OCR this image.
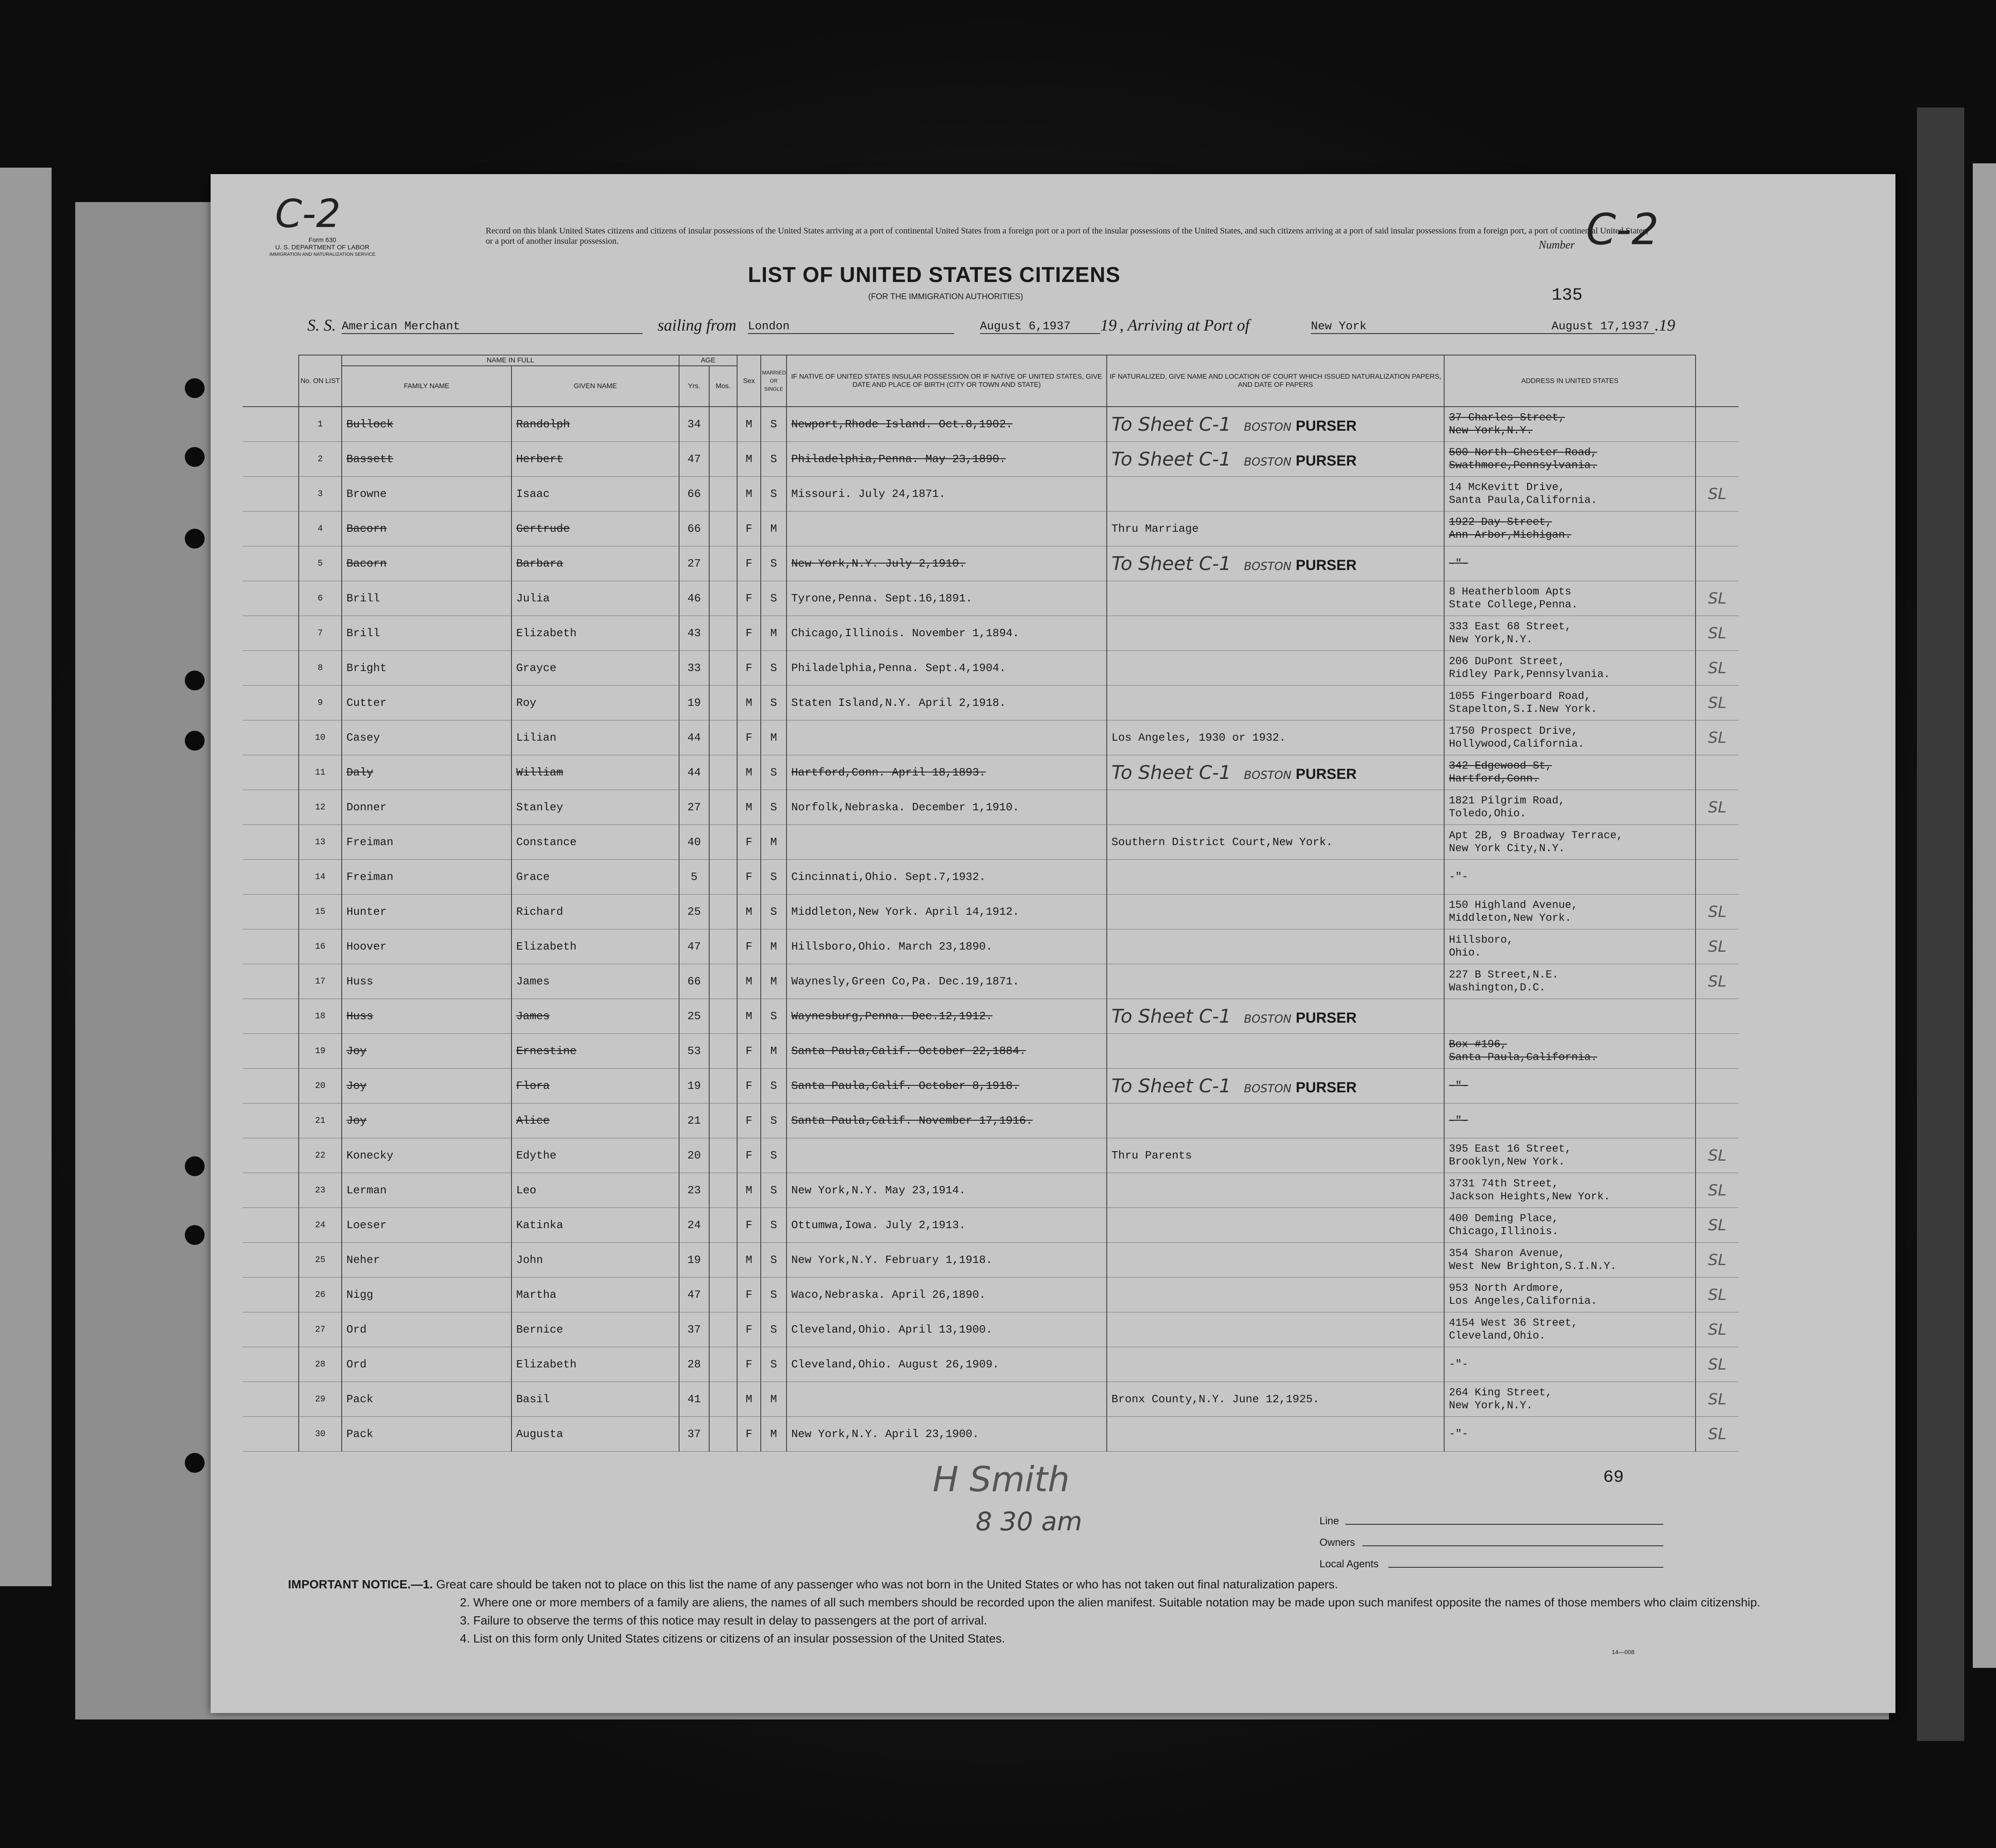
C-2
Form 630
U. S. DEPARTMENT OF LABOR
IMMIGRATION AND NATURALIZATION SERVICE
Record on this blank United States citizens and citizens of insular possessions of the United States arriving at a port of continental United States from a foreign port or a port of the insular possessions of the United States, and such citizens arriving at a port of said insular possessions from a foreign port, a port of continental United States, or a port of another insular possession.	Number C-2
LIST OF UNITED STATES CITIZENS
(FOR THE IMMIGRATION AUTHORITIES)	135
S. S. American Merchant	sailing from London	August 6,1937	19 , Arriving at Port of	New York	August 17,1937 .19
	No. ON LIST	NAME IN FULL		AGE		Sex	MARRIED OR SINGLE	IF NATIVE OF UNITED STATES INSULAR POSSESSION OR IF NATIVE OF UNITED STATES, GIVE DATE AND PLACE OF BIRTH (CITY OR TOWN AND STATE)	IF NATURALIZED, GIVE NAME AND LOCATION OF COURT WHICH ISSUED NATURALIZATION PAPERS, AND DATE OF PAPERS	ADDRESS IN UNITED STATES	
		FAMILY NAME	GIVEN NAME	Yrs.	Mos.						
	1	Bullock	Randolph	34		M	S	Newport,Rhode Island. Oct.8,1902.	To Sheet C-1 BOSTON PURSER	37 Charles Street,
New York,N.Y.	

	2	Bassett	Herbert	47		M	S	Philadelphia,Penna. May 23,1890.	To Sheet C-1 BOSTON PURSER	500 North Chester Road,
Swathmore,Pennsylvania.	

	3	Browne	Isaac	66		M	S	Missouri. July 24,1871.		14 McKevitt Drive,
Santa Paula,California.	SL
	4	Bacorn	Gertrude	66		F	M		Thru Marriage	1922 Day Street,
Ann Arbor,Michigan.	

	5	Bacorn	Barbara	27		F	S	New York,N.Y. July 2,1910.	To Sheet C-1 BOSTON PURSER	-"-	

	6	Brill	Julia	46		F	S	Tyrone,Penna. Sept.16,1891.		8 Heatherbloom Apts
State College,Penna.	SL
	7	Brill	Elizabeth	43		F	M	Chicago,Illinois. November 1,1894.		333 East 68 Street,
New York,N.Y.	SL
	8	Bright	Grayce	33		F	S	Philadelphia,Penna. Sept.4,1904.		206 DuPont Street,
Ridley Park,Pennsylvania.	SL
	9	Cutter	Roy	19		M	S	Staten Island,N.Y. April 2,1918.		1055 Fingerboard Road,
Stapelton,S.I.New York.	SL
	10	Casey	Lilian	44		F	M		Los Angeles, 1930 or 1932.	1750 Prospect Drive,
Hollywood,California.	SL
	11	Daly	William	44		M	S	Hartford,Conn. April 18,1893.	To Sheet C-1 BOSTON PURSER	342 Edgewood St,
Hartford,Conn.	

	12	Donner	Stanley	27		M	S	Norfolk,Nebraska. December 1,1910.		1821 Pilgrim Road,
Toledo,Ohio.	SL
	13	Freiman	Constance	40		F	M		Southern District Court,New York.	Apt 2B, 9 Broadway Terrace,
New York City,N.Y.	

	14	Freiman	Grace	5		F	S	Cincinnati,Ohio. Sept.7,1932.		-"-	

	15	Hunter	Richard	25		M	S	Middleton,New York. April 14,1912.		150 Highland Avenue,
Middleton,New York.	SL
	16	Hoover	Elizabeth	47		F	M	Hillsboro,Ohio. March 23,1890.		Hillsboro,
Ohio.	SL
	17	Huss	James	66		M	M	Waynesly,Green Co,Pa. Dec.19,1871.		227 B Street,N.E.
Washington,D.C.	SL
	18	Huss	James	25		M	S	Waynesburg,Penna. Dec.12,1912.	To Sheet C-1 BOSTON PURSER	

	19	Joy	Ernestine	53		F	M	Santa Paula,Calif. October 22,1884.		Box #196,
Santa Paula,California.	

	20	Joy	Flora	19		F	S	Santa Paula,Calif. October 8,1918.	To Sheet C-1 BOSTON PURSER	-"-	

	21	Joy	Alice	21		F	S	Santa Paula,Calif. November 17,1916.		-"-	

	22	Konecky	Edythe	20		F	S		Thru Parents	395 East 16 Street,
Brooklyn,New York.	SL
	23	Lerman	Leo	23		M	S	New York,N.Y. May 23,1914.		3731 74th Street,
Jackson Heights,New York.	SL
	24	Loeser	Katinka	24		F	S	Ottumwa,Iowa. July 2,1913.		400 Deming Place,
Chicago,Illinois.	SL
	25	Neher	John	19		M	S	New York,N.Y. February 1,1918.		354 Sharon Avenue,
West New Brighton,S.I.N.Y.	SL
	26	Nigg	Martha	47		F	S	Waco,Nebraska. April 26,1890.		953 North Ardmore,
Los Angeles,California.	SL
	27	Ord	Bernice	37		F	S	Cleveland,Ohio. April 13,1900.		4154 West 36 Street,
Cleveland,Ohio.	SL
	28	Ord	Elizabeth	28		F	S	Cleveland,Ohio. August 26,1909.		-"-	SL
	29	Pack	Basil	41		M	M		Bronx County,N.Y. June 12,1925.	264 King Street,
New York,N.Y.	SL
	30	Pack	Augusta	37		F	M	New York,N.Y. April 23,1900.		-"-	SL
H Smith
8 30 am
69
Line
Owners
Local Agents
IMPORTANT NOTICE.—1. Great care should be taken not to place on this list the name of any passenger who was not born in the United States or who has not taken out final naturalization papers.
2. Where one or more members of a family are aliens, the names of all such members should be recorded upon the alien manifest. Suitable notation may be made upon such manifest opposite the names of those members who claim citizenship.
3. Failure to observe the terms of this notice may result in delay to passengers at the port of arrival.
4. List on this form only United States citizens or citizens of an insular possession of the United States.
14—008
